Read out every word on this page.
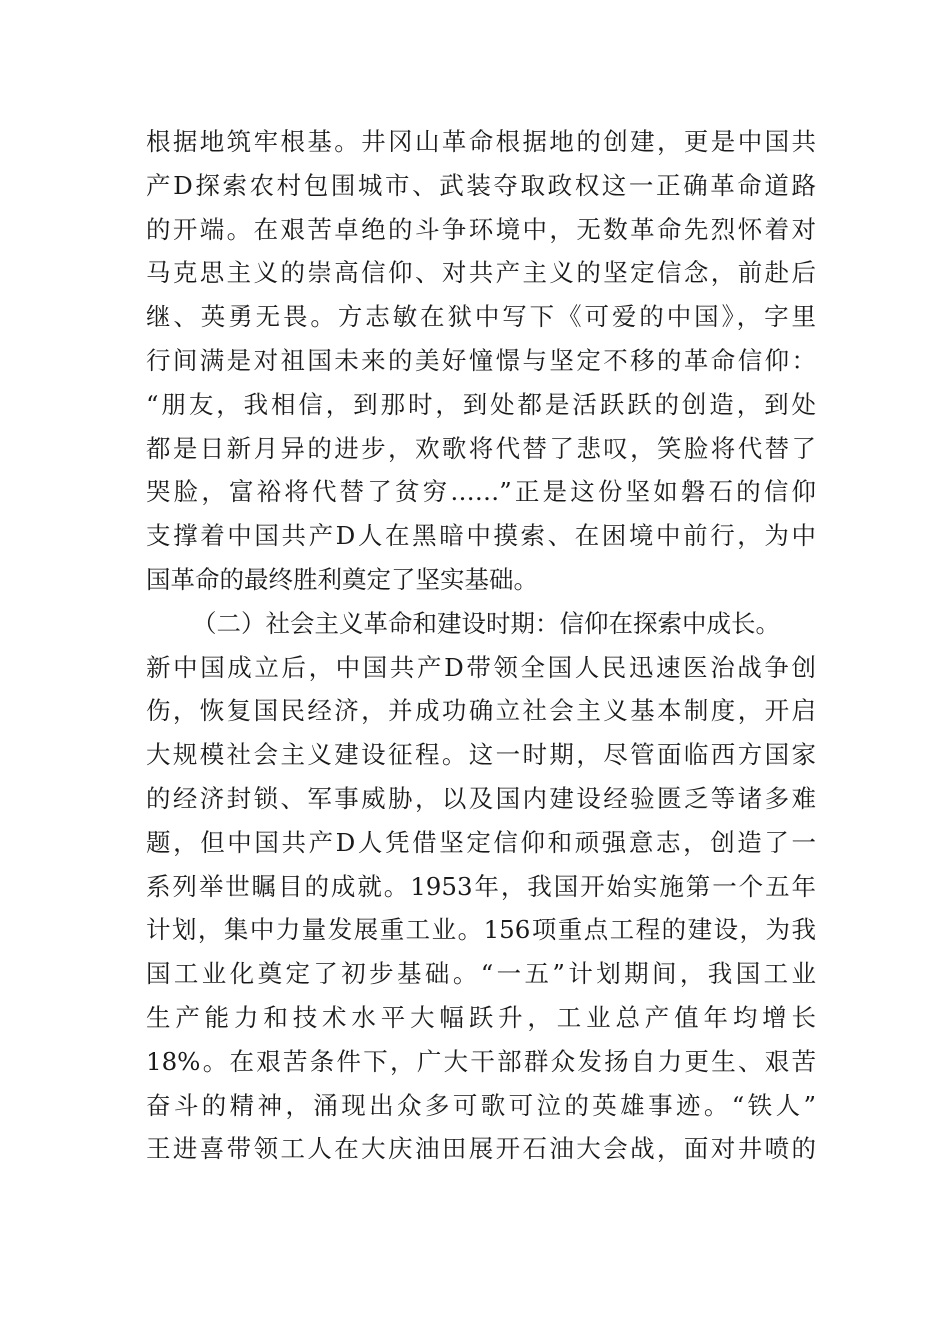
根据地筑牢根基。井冈山革命根据地的创建，更是中国共
产D探索农村包围城市、武装夺取政权这一正确革命道路
的开端。在艰苦卓绝的斗争环境中，无数革命先烈怀着对
马克思主义的崇高信仰、对共产主义的坚定信念，前赴后
继、英勇无畏。方志敏在狱中写下《可爱的中国》，字里
行间满是对祖国未来的美好憧憬与坚定不移的革命信仰：
“朋友，我相信，到那时，到处都是活跃跃的创造，到处
都是日新月异的进步，欢歌将代替了悲叹，笑脸将代替了
哭脸，富裕将代替了贫穷……”正是这份坚如磐石的信仰
支撑着中国共产D人在黑暗中摸索、在困境中前行，为中
国革命的最终胜利奠定了坚实基础。
（二）社会主义革命和建设时期：信仰在探索中成长。
新中国成立后，中国共产D带领全国人民迅速医治战争创
伤，恢复国民经济，并成功确立社会主义基本制度，开启
大规模社会主义建设征程。这一时期，尽管面临西方国家
的经济封锁、军事威胁，以及国内建设经验匮乏等诸多难
题，但中国共产D人凭借坚定信仰和顽强意志，创造了一
系列举世瞩目的成就。1953年，我国开始实施第一个五年
计划，集中力量发展重工业。156项重点工程的建设，为我
国工业化奠定了初步基础。“一五”计划期间，我国工业
生产能力和技术水平大幅跃升，工业总产值年均增长
18%。在艰苦条件下，广大干部群众发扬自力更生、艰苦
奋斗的精神，涌现出众多可歌可泣的英雄事迹。“铁人”
王进喜带领工人在大庆油田展开石油大会战，面对井喷的
